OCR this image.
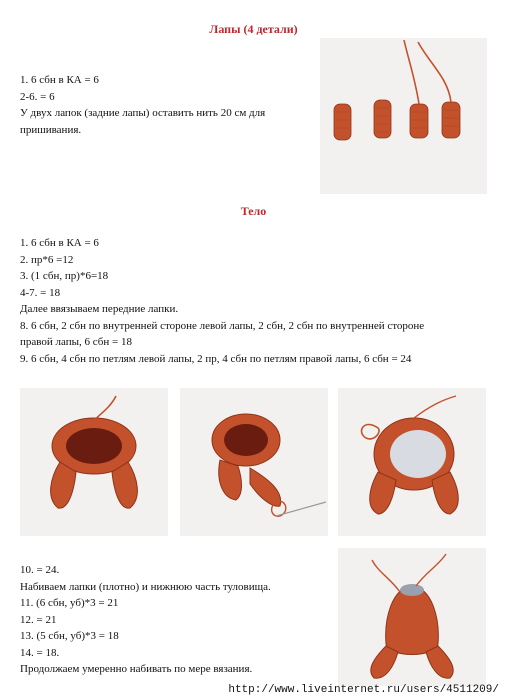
Лапы (4 детали)
1. 6 сбн в КА = 6
2-6. = 6
У двух лапок (задние лапы) оставить нить 20 см для
пришивания.
Тело
1. 6 сбн в КА = 6
2. пр*6 =12
3. (1 сбн, пр)*6=18
4-7. = 18
Далее ввязываем передние лапки.
8. 6 сбн, 2 сбн по внутренней стороне левой лапы, 2 сбн, 2 сбн по внутренней стороне
правой лапы, 6 сбн = 18
9. 6 сбн, 4 сбн по петлям левой лапы, 2 пр, 4 сбн по петлям правой лапы, 6 сбн = 24
10. = 24.
Набиваем лапки (плотно) и нижнюю часть туловища.
11. (6 сбн, уб)*3 = 21
12. = 21
13. (5 сбн, уб)*3 = 18
14. = 18.
Продолжаем умеренно набивать по мере вязания.
http://www.liveinternet.ru/users/4511209/
